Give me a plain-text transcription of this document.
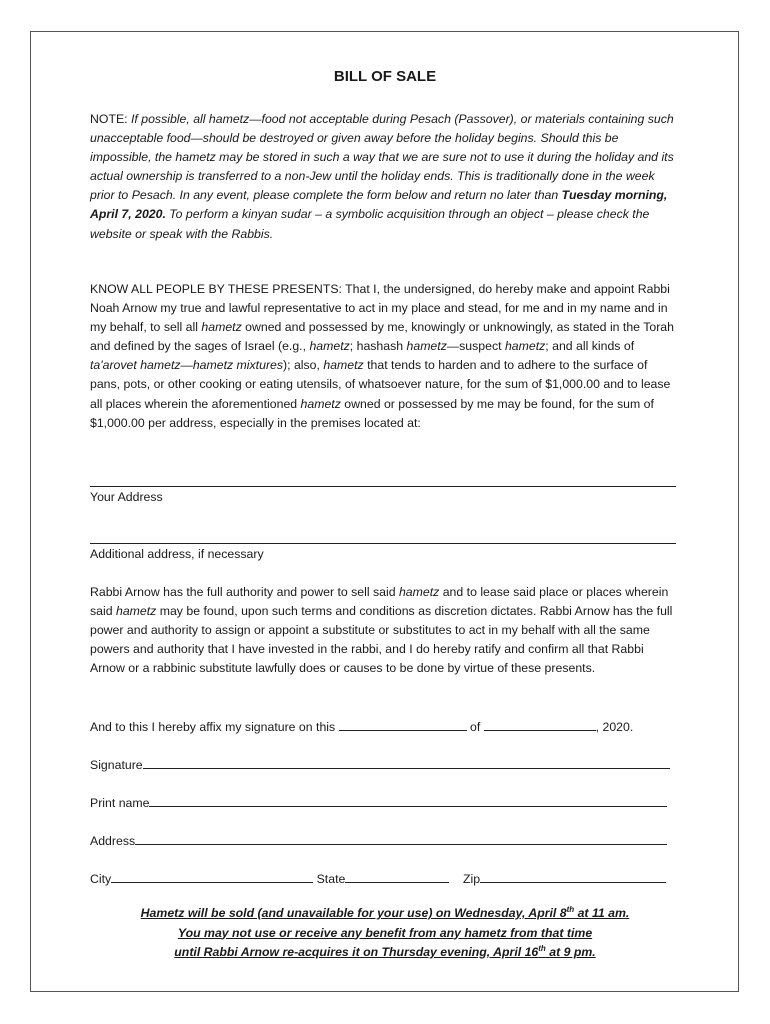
BILL OF SALE
NOTE: If possible, all hametz—food not acceptable during Pesach (Passover), or materials containing such unacceptable food—should be destroyed or given away before the holiday begins. Should this be impossible, the hametz may be stored in such a way that we are sure not to use it during the holiday and its actual ownership is transferred to a non-Jew until the holiday ends. This is traditionally done in the week prior to Pesach. In any event, please complete the form below and return no later than Tuesday morning, April 7, 2020. To perform a kinyan sudar – a symbolic acquisition through an object – please check the website or speak with the Rabbis.
KNOW ALL PEOPLE BY THESE PRESENTS: That I, the undersigned, do hereby make and appoint Rabbi Noah Arnow my true and lawful representative to act in my place and stead, for me and in my name and in my behalf, to sell all hametz owned and possessed by me, knowingly or unknowingly, as stated in the Torah and defined by the sages of Israel (e.g., hametz; hashash hametz—suspect hametz; and all kinds of ta'arovet hametz—hametz mixtures); also, hametz that tends to harden and to adhere to the surface of pans, pots, or other cooking or eating utensils, of whatsoever nature, for the sum of $1,000.00 and to lease all places wherein the aforementioned hametz owned or possessed by me may be found, for the sum of $1,000.00 per address, especially in the premises located at:
Your Address
Additional address, if necessary
Rabbi Arnow has the full authority and power to sell said hametz and to lease said place or places wherein said hametz may be found, upon such terms and conditions as discretion dictates. Rabbi Arnow has the full power and authority to assign or appoint a substitute or substitutes to act in my behalf with all the same powers and authority that I have invested in the rabbi, and I do hereby ratify and confirm all that Rabbi Arnow or a rabbinic substitute lawfully does or causes to be done by virtue of these presents.
And to this I hereby affix my signature on this	of	, 2020.
Signature
Print name
Address
City	State	Zip
Hametz will be sold (and unavailable for your use) on Wednesday, April 8th at 11 am.
You may not use or receive any benefit from any hametz from that time
until Rabbi Arnow re-acquires it on Thursday evening, April 16th at 9 pm.
